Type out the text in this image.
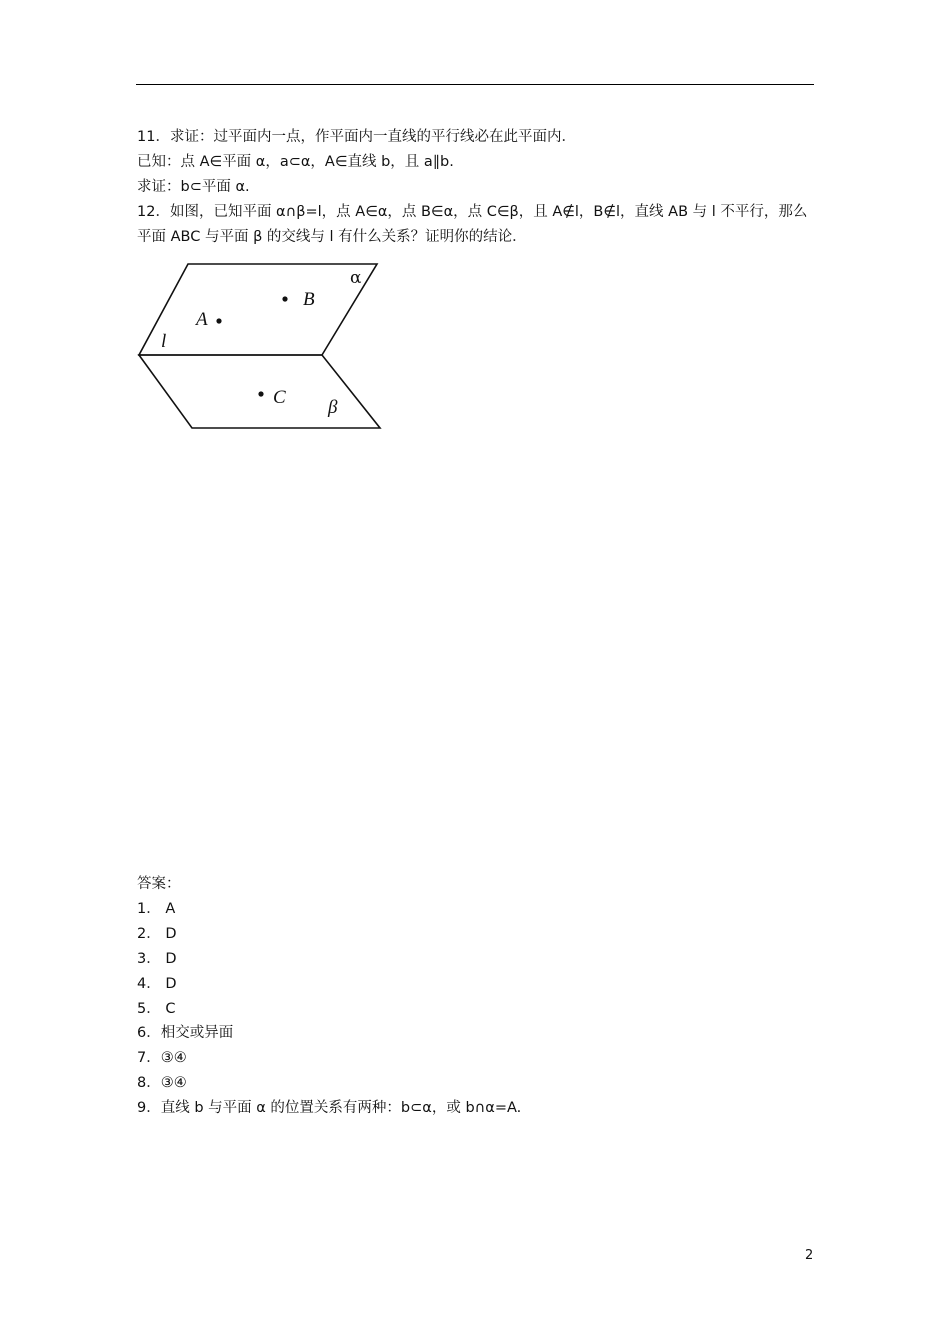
11．求证：过平面内一点，作平面内一直线的平行线必在此平面内．
已知：点 A∈平面 α，a⊂α，A∈直线 b，且 a∥b.
求证：b⊂平面 α.
12．如图，已知平面 α∩β=l，点 A∈α，点 B∈α，点 C∈β，且 A∉l，B∉l，直线 AB 与 l 不平行，那么
平面 ABC 与平面 β 的交线与 l 有什么关系？证明你的结论．
α
B
A
l
C β
答案：
1． A
2． D
3． D
4． D
5． C
6．相交或异面
7．③④
8．③④
9．直线 b 与平面 α 的位置关系有两种：b⊂α，或 b∩α=A.
2
